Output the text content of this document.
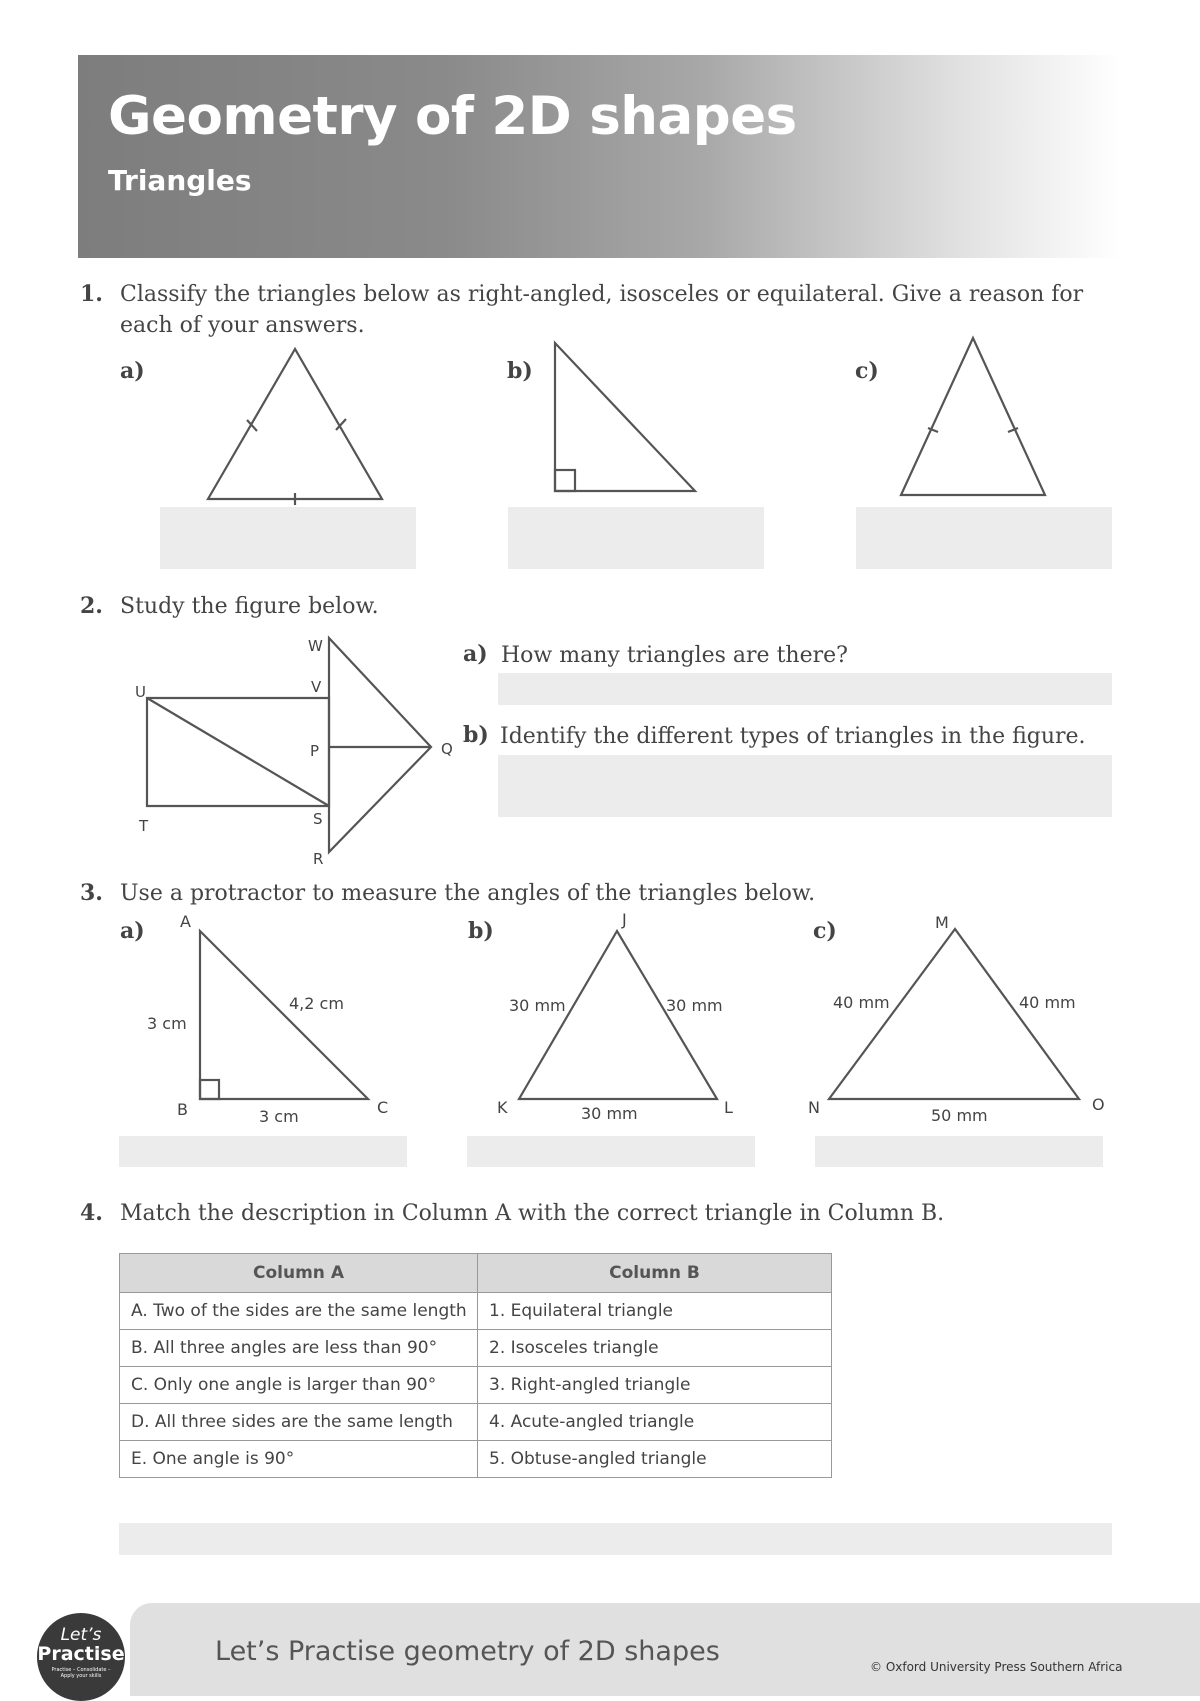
Geometry of 2D shapes
Triangles
1. Classify the triangles below as right-angled, isosceles or equilateral. Give a reason for each of your answers.
a)	b)	c)
W
V
U
P	Q
T	S
R
A
B	C
3 cm
3 cm
4,2 cm
J
K	L
30 mm	30 mm
30 mm
M
N	O
40 mm	40 mm
50 mm
2. Study the figure below.
a) How many triangles are there?
b) Identify the different types of triangles in the figure.
3. Use a protractor to measure the angles of the triangles below.
a)	b)	c)
4. Match the description in Column A with the correct triangle in Column B.
Column A	Column B
A. Two of the sides are the same length	1. Equilateral triangle
B. All three angles are less than 90°	2. Isosceles triangle
C. Only one angle is larger than 90°	3. Right-angled triangle
D. All three sides are the same length	4. Acute-angled triangle
E. One angle is 90°	5. Obtuse-angled triangle
Let’s Practise geometry of 2D shapes	© Oxford University Press Southern Africa
Let’s
Practise
Practise – Consolidate – Apply your skills
